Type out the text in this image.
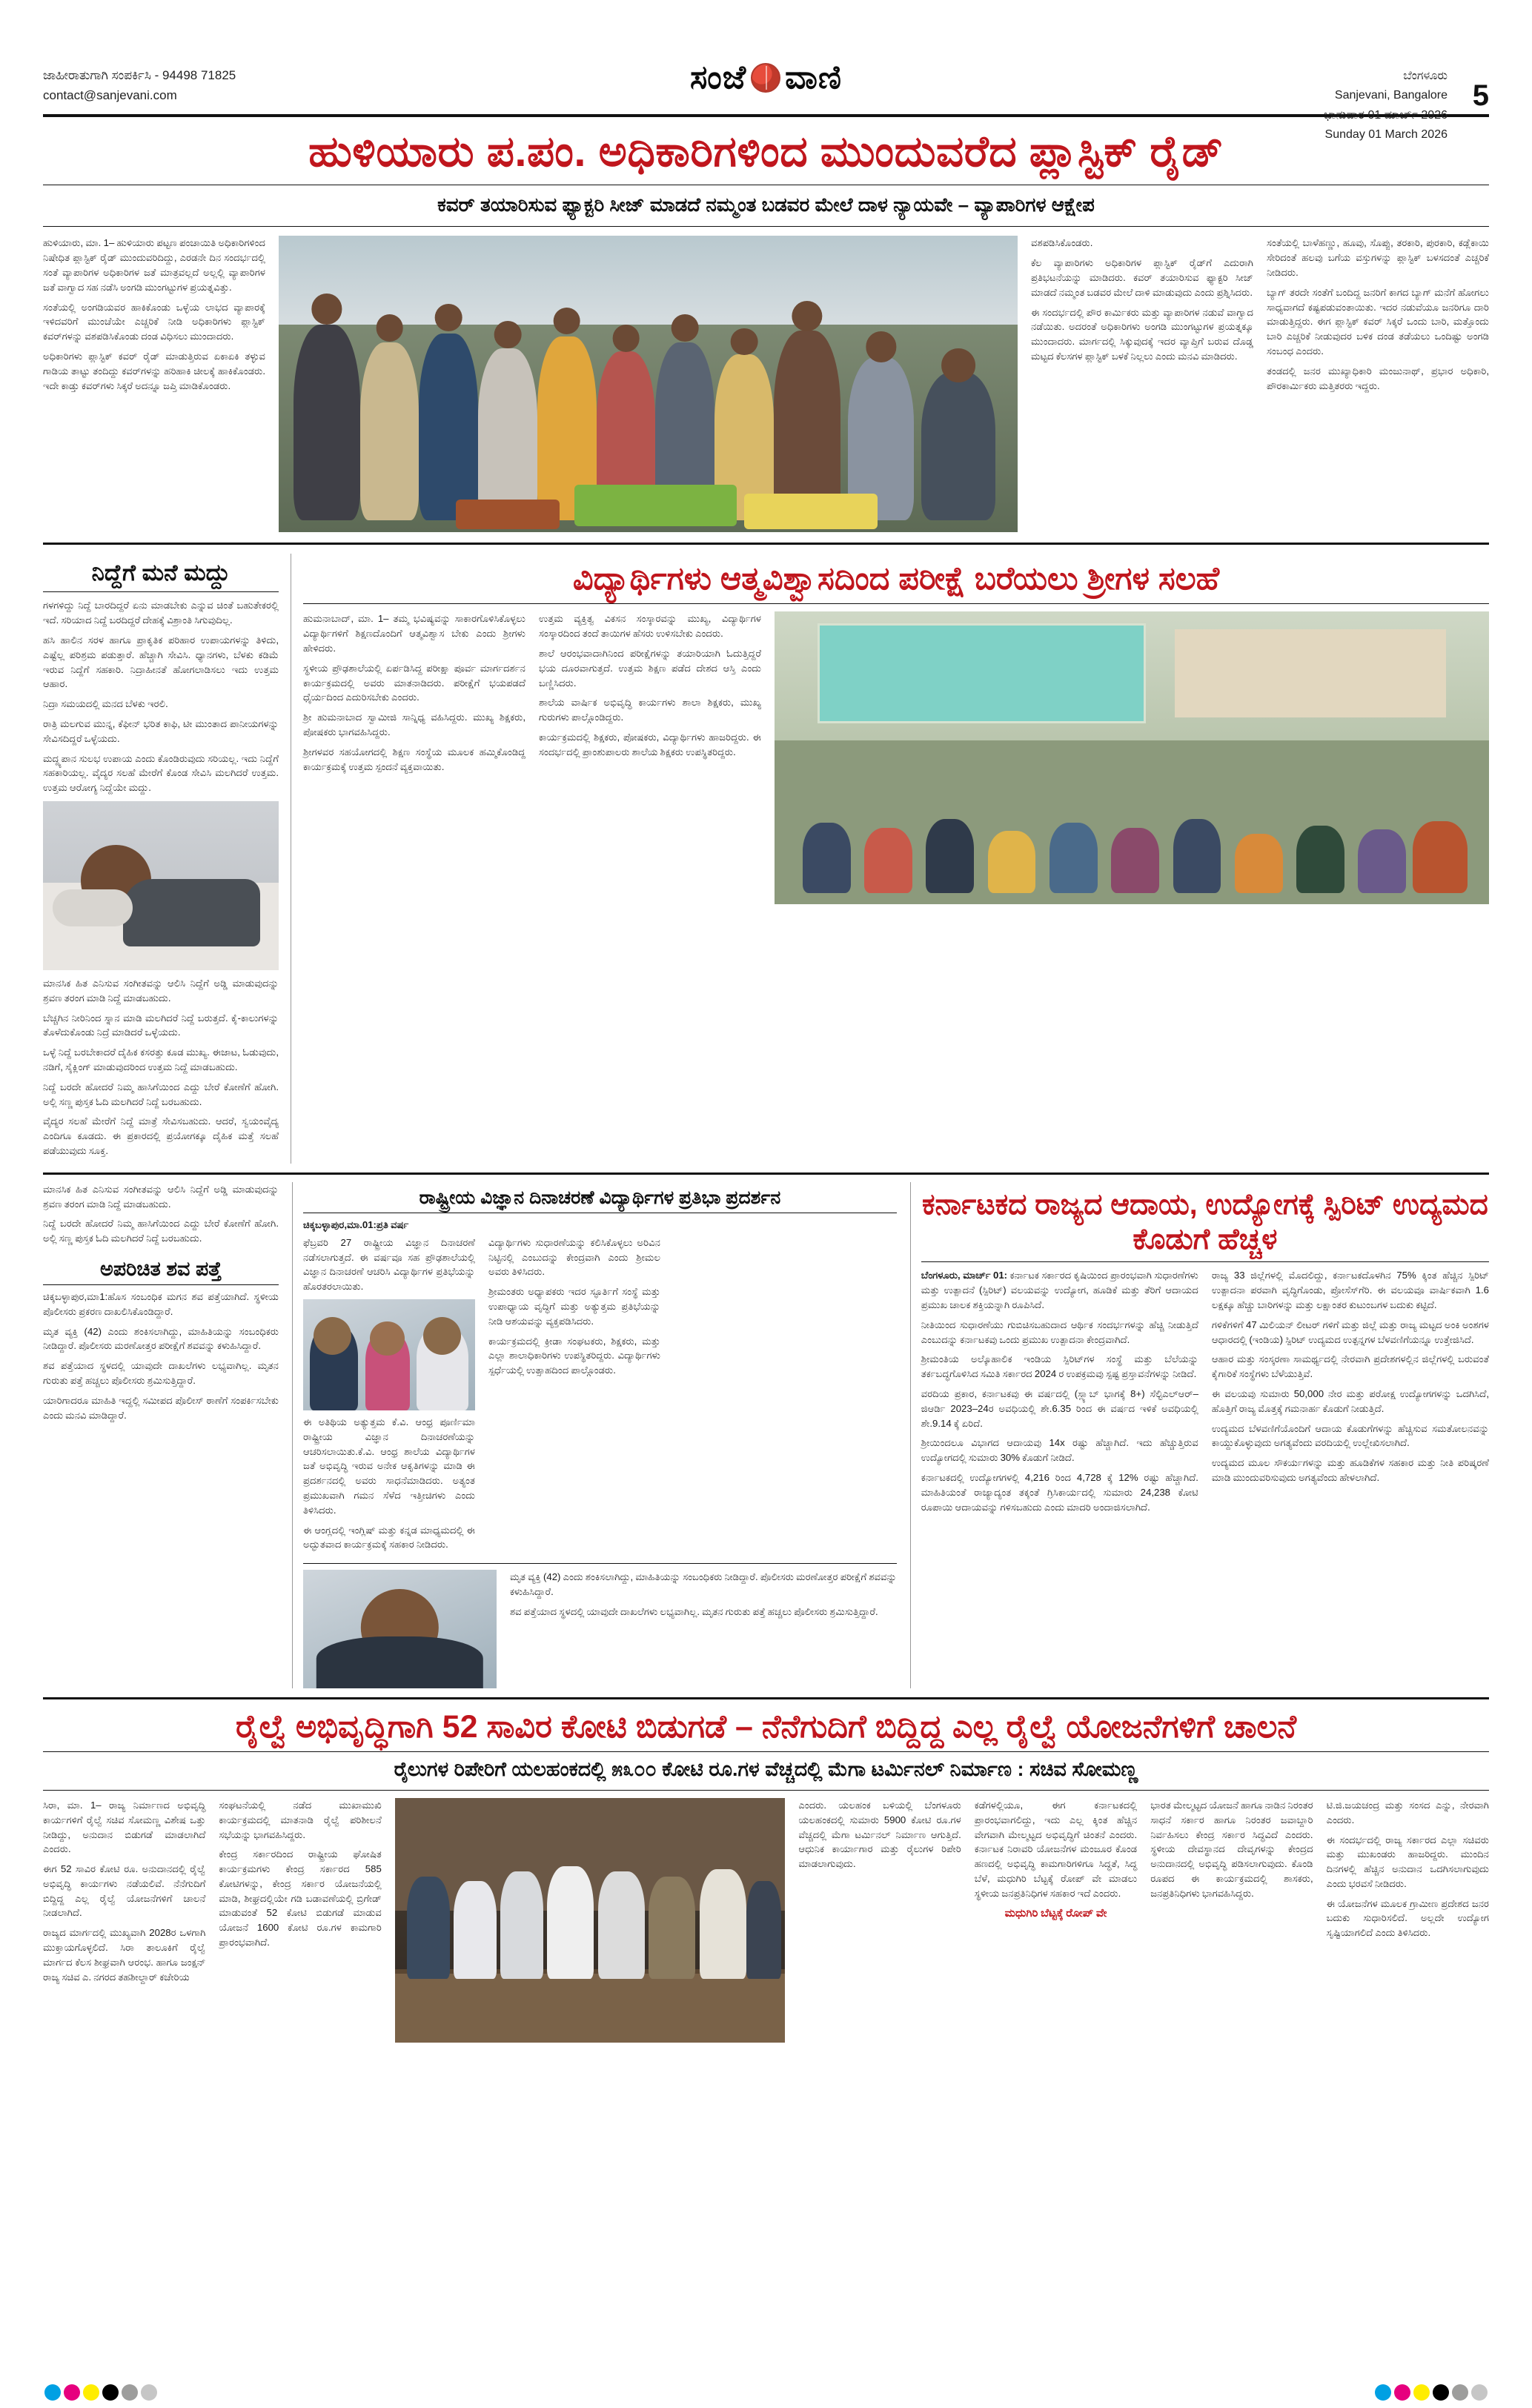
ಜಾಹೀರಾತುಗಾಗಿ ಸಂಪರ್ಕಿಸಿ - 94498 71825
contact@sanjevani.com	ಸಂಜೆ ವಾಣಿ	ಬೆಂಗಳೂರು
Sanjevani, Bangalore
ಭಾನುವಾರ 01 ಮಾರ್ಚ್ 2026
Sunday 01 March 2026
5
ಹುಳಿಯಾರು ಪ.ಪಂ. ಅಧಿಕಾರಿಗಳಿಂದ ಮುಂದುವರೆದ ಪ್ಲಾಸ್ಟಿಕ್ ರೈಡ್
ಕವರ್ ತಯಾರಿಸುವ ಫ್ಯಾಕ್ಟರಿ ಸೀಜ್ ಮಾಡದೆ ನಮ್ಮಂತ ಬಡವರ ಮೇಲೆ ದಾಳ ನ್ಯಾಯವೇ – ವ್ಯಾಪಾರಿಗಳ ಆಕ್ಷೇಪ

ಹುಳಿಯಾರು, ಮಾ. 1– ಹುಳಿಯಾರು ಪಟ್ಟಣ ಪಂಚಾಯಿತಿ ಅಧಿಕಾರಿಗಳಿಂದ ನಿಷೇಧಿತ ಪ್ಲಾಸ್ಟಿಕ್ ರೈಡ್ ಮುಂದುವರಿದಿದ್ದು, ಎರಡನೇ ದಿನ ಸಂದರ್ಭದಲ್ಲಿ ಸಂತೆ ವ್ಯಾಪಾರಿಗಳ ಅಧಿಕಾರಿಗಳ ಜತೆ ಮಾತ್ರವಲ್ಲದೆ ಅಲ್ಲಲ್ಲಿ ವ್ಯಾಪಾರಿಗಳ ಜತೆ ವಾಗ್ವಾದ ಸಹ ನಡೆಸಿ ಅಂಗಡಿ ಮುಂಗಟ್ಟುಗಳ ಪ್ರಯತ್ನವಿತ್ತು.

ಸಂತೆಯಲ್ಲಿ ಅಂಗಡಿಯವರ ಹಾಕಿಕೊಂಡು ಒಳ್ಳೆಯ ಲಾಭದ ವ್ಯಾಪಾರಕ್ಕೆ ಇಳಿದವರಿಗೆ ಮುಂಚೆಯೇ ಎಚ್ಚರಿಕೆ ನೀಡಿ ಅಧಿಕಾರಿಗಳು ಪ್ಲಾಸ್ಟಿಕ್ ಕವರ್‌ಗಳನ್ನು ವಶಪಡಿಸಿಕೊಂಡು ದಂಡ ವಿಧಿಸಲು ಮುಂದಾದರು.

ಅಧಿಕಾರಿಗಳು ಪ್ಲಾಸ್ಟಿಕ್ ಕವರ್ ರೈಡ್ ಮಾಡುತ್ತಿರುವ ಏಕಾಏಕಿ ತಳ್ಳುವ ಗಾಡಿಯ ತಾಟ್ಟು ತಂದಿದ್ದು ಕವರ್‌ಗಳನ್ನು ಹರಿಹಾಕಿ ಚೀಲಕ್ಕೆ ಹಾಕಿಕೊಂಡರು. ಇದೇ ಕಾಡ್ತು ಕವರ್‌ಗಳು ಸಿಕ್ಕರೆ ಅದನ್ನೂ ಜಪ್ತಿ ಮಾಡಿಕೊಂಡರು.

ವಶಪಡಿಸಿಕೊಂಡರು.

ಕೆಲ ವ್ಯಾಪಾರಿಗಳು ಅಧಿಕಾರಿಗಳ ಪ್ಲಾಸ್ಟಿಕ್ ರೈಡ್‌ಗೆ ಎದುರಾಗಿ ಪ್ರತಿಭಟನೆಯನ್ನು ಮಾಡಿದರು. ಕವರ್ ತಯಾರಿಸುವ ಫ್ಯಾಕ್ಟರಿ ಸೀಜ್ ಮಾಡದೆ ನಮ್ಮಂತ ಬಡವರ ಮೇಲೆ ದಾಳಿ ಮಾಡುವುದು ಎಂದು ಪ್ರಶ್ನಿಸಿದರು.

ಈ ಸಂದರ್ಭದಲ್ಲಿ ಪೌರ ಕಾರ್ಮಿಕರು ಮತ್ತು ವ್ಯಾಪಾರಿಗಳ ನಡುವೆ ವಾಗ್ವಾದ ನಡೆಯಿತು. ಅದರಂತೆ ಅಧಿಕಾರಿಗಳು ಅಂಗಡಿ ಮುಂಗಟ್ಟುಗಳ ಪ್ರಯತ್ನಕ್ಕೂ ಮುಂದಾದರು. ಮಾರ್ಗದಲ್ಲಿ ಸಿಕ್ಕುವುದಕ್ಕೆ ಇದರ ವ್ಯಾಪ್ತಿಗೆ ಬರುವ ದೊಡ್ಡ ಮಟ್ಟದ ಕೆಲಸಗಳ ಪ್ಲಾಸ್ಟಿಕ್ ಬಳಕೆ ನಿಲ್ಲಲು ಎಂದು ಮನವಿ ಮಾಡಿದರು.

ಸಂತೆಯಲ್ಲಿ ಬಾಳೆಹಣ್ಣು, ಹೂವು, ಸೊಪ್ಪು, ತರಕಾರಿ, ಪುರಕಾರಿ, ಕಡ್ಲೆಕಾಯಿ ಸೇರಿದಂತೆ ಹಲವು ಬಗೆಯ ವಸ್ತುಗಳನ್ನು ಪ್ಲಾಸ್ಟಿಕ್ ಬಳಸದಂತೆ ಎಚ್ಚರಿಕೆ ನೀಡಿದರು.

ಬ್ಯಾಗ್ ತರದೇ ಸಂತೆಗೆ ಬಂದಿದ್ದ ಜನರಿಗೆ ಕಾಗದ ಬ್ಯಾಗ್ ಮನೆಗೆ ಹೋಗಲು ಸಾಧ್ಯವಾಗದೆ ಕಷ್ಟಪಡುವಂತಾಯಿತು. ಇದರ ನಡುವೆಯೂ ಜನರಿಗೂ ದಾರಿ ಮಾಡುತ್ತಿದ್ದರು. ಈಗ ಪ್ಲಾಸ್ಟಿಕ್ ಕವರ್ ಸಿಕ್ಕರೆ ಒಂದು ಬಾರಿ, ಮತ್ತೊಂದು ಬಾರಿ ಎಚ್ಚರಿಕೆ ನೀಡುವುದರ ಬಳಿಕ ದಂಡ ತಡೆಯಲು ಒಂದಿಷ್ಟು ಅಂಗಡಿ ಸಂಬಂಧ ಎಂದರು.

ತಂಡದಲ್ಲಿ ಜನರ ಮುಖ್ಯಾಧಿಕಾರಿ ಮಂಜುನಾಥ್, ಪ್ರಭಾರ ಅಧಿಕಾರಿ, ಪೌರಕಾರ್ಮಿಕರು ಮತ್ತಿತರರು ಇದ್ದರು.

ನಿದ್ದೆಗೆ ಮನೆ ಮದ್ದು

ಗಳಗಳಿದ್ದು ನಿದ್ದೆ ಬಾರದಿದ್ದರೆ ಏನು ಮಾಡಬೇಕು ಎನ್ನುವ ಚಿಂತೆ ಬಹುತೇಕರಲ್ಲಿ ಇದೆ. ಸರಿಯಾದ ನಿದ್ದೆ ಬರದಿದ್ದರೆ ದೇಹಕ್ಕೆ ವಿಶ್ರಾಂತಿ ಸಿಗುವುದಿಲ್ಲ.

ಹಸಿ ಹಾಲಿನ ಸರಳ ಹಾಗೂ ಪ್ರಾಕೃತಿಕ ಪರಿಹಾರ ಉಪಾಯಗಳನ್ನು ತಿಳಿದು, ಎಷ್ಟೆಲ್ಲ ಪರಿಶ್ರಮ ಪಡುತ್ತಾರೆ. ಹೆಚ್ಚಾಗಿ ಸೇವಿಸಿ. ಧ್ಯಾನಗಳು, ಬೆಳಕು ಕಡಿಮೆ ಇರುವ ನಿದ್ದೆಗೆ ಸಹಕಾರಿ. ನಿದ್ರಾಹೀನತೆ ಹೋಗಲಾಡಿಸಲು ಇದು ಉತ್ತಮ ಆಹಾರ.

ನಿದ್ರಾ ಸಮಯದಲ್ಲಿ ಮನದ ಬೆಳಕು ಇರಲಿ.

ರಾತ್ರಿ ಮಲಗುವ ಮುನ್ನ, ಕೆಫೀನ್ ಭರಿತ ಕಾಫಿ, ಟೀ ಮುಂತಾದ ಪಾನೀಯಗಳನ್ನು ಸೇವಿಸದಿದ್ದರೆ ಒಳ್ಳೆಯದು.

ಮದ್ದ್ಯಪಾನ ಸುಲಭ ಉಪಾಯ ಎಂದು ಕೊಂಡಿರುವುದು ಸರಿಯಲ್ಲ. ಇದು ನಿದ್ದೆಗೆ ಸಹಕಾರಿಯಲ್ಲ. ವೈದ್ಯರ ಸಲಹೆ ಮೇರೆಗೆ ಕೊಂಡ ಸೇವಿಸಿ ಮಲಗಿದರೆ ಉತ್ತಮ. ಉತ್ತಮ ಆರೋಗ್ಯ ನಿದ್ದೆಯೇ ಮದ್ದು.

ಮಾನಸಿಕ ಹಿತ ಎನಿಸುವ ಸಂಗೀತವನ್ನು ಆಲಿಸಿ ನಿದ್ದೆಗೆ ಅಡ್ಡಿ ಮಾಡುವುದನ್ನು ಶ್ರವಣ ತರಂಗ ಮಾಡಿ ನಿದ್ದೆ ಮಾಡಬಹುದು.

ಬೆಚ್ಚಗಿನ ನೀರಿನಿಂದ ಸ್ನಾನ ಮಾಡಿ ಮಲಗಿದರೆ ನಿದ್ದೆ ಬರುತ್ತದೆ. ಕೈ-ಕಾಲುಗಳನ್ನು ತೊಳೆದುಕೊಂಡು ನಿದ್ರೆ ಮಾಡಿದರೆ ಒಳ್ಳೆಯದು.

ಒಳ್ಳೆ ನಿದ್ದೆ ಬರಬೇಕಾದರೆ ದೈಹಿಕ ಕಸರತ್ತು ಕೂಡ ಮುಖ್ಯ. ಈಜಾಟ, ಓಡುವುದು, ನಡಿಗೆ, ಸೈಕ್ಲಿಂಗ್ ಮಾಡುವುದರಿಂದ ಉತ್ತಮ ನಿದ್ದೆ ಮಾಡಬಹುದು.

ನಿದ್ದೆ ಬರದೇ ಹೋದರೆ ನಿಮ್ಮ ಹಾಸಿಗೆಯಿಂದ ಎದ್ದು ಬೇರೆ ಕೋಣೆಗೆ ಹೋಗಿ. ಅಲ್ಲಿ ಸಣ್ಣ ಪುಸ್ತಕ ಓದಿ ಮಲಗಿದರೆ ನಿದ್ದೆ ಬರಬಹುದು.

ವೈದ್ಯರ ಸಲಹೆ ಮೇರೆಗೆ ನಿದ್ದೆ ಮಾತ್ರೆ ಸೇವಿಸಬಹುದು. ಆದರೆ, ಸ್ವಯಂವೈದ್ಯ ಎಂದಿಗೂ ಕೂಡದು. ಈ ಪ್ರಕಾರದಲ್ಲಿ ಪ್ರಯೋಗಕ್ಕೂ ದೈಹಿಕ ಮತ್ತೆ ಸಲಹೆ ಪಡೆಯುವುದು ಸೂಕ್ತ.

ವಿದ್ಯಾರ್ಥಿಗಳು ಆತ್ಮವಿಶ್ವಾಸದಿಂದ ಪರೀಕ್ಷೆ ಬರೆಯಲು ಶ್ರೀಗಳ ಸಲಹೆ

ಹುಮನಾಬಾದ್, ಮಾ. 1– ತಮ್ಮ ಭವಿಷ್ಯವನ್ನು ಸಾಕಾರಗೊಳಿಸಿಕೊಳ್ಳಲು ವಿದ್ಯಾರ್ಥಿಗಳಿಗೆ ಶಿಕ್ಷಣದೊಂದಿಗೆ ಆತ್ಮವಿಶ್ವಾಸ ಬೇಕು ಎಂದು ಶ್ರೀಗಳು ಹೇಳಿದರು.

ಸ್ಥಳೀಯ ಪ್ರೌಢಶಾಲೆಯಲ್ಲಿ ಏರ್ಪಡಿಸಿದ್ದ ಪರೀಕ್ಷಾ ಪೂರ್ವ ಮಾರ್ಗದರ್ಶನ ಕಾರ್ಯಕ್ರಮದಲ್ಲಿ ಅವರು ಮಾತನಾಡಿದರು. ಪರೀಕ್ಷೆಗೆ ಭಯಪಡದೆ ಧೈರ್ಯದಿಂದ ಎದುರಿಸಬೇಕು ಎಂದರು.

ಶ್ರೀ ಹುಮನಾಬಾದ ಸ್ವಾಮೀಜಿ ಸಾನ್ನಿಧ್ಯ ವಹಿಸಿದ್ದರು. ಮುಖ್ಯ ಶಿಕ್ಷಕರು, ಪೋಷಕರು ಭಾಗವಹಿಸಿದ್ದರು.

ಶ್ರೀಗಳವರ ಸಹಯೋಗದಲ್ಲಿ ಶಿಕ್ಷಣ ಸಂಸ್ಥೆಯ ಮೂಲಕ ಹಮ್ಮಿಕೊಂಡಿದ್ದ ಕಾರ್ಯಕ್ರಮಕ್ಕೆ ಉತ್ತಮ ಸ್ಪಂದನೆ ವ್ಯಕ್ತವಾಯಿತು.

ಉತ್ತಮ ವ್ಯಕ್ತಿತ್ವ ವಿಕಸನ ಸಂಸ್ಕಾರವನ್ನು ಮುಖ್ಯ, ವಿದ್ಯಾರ್ಥಿಗಳ ಸಂಸ್ಕಾರದಿಂದ ತಂದೆ ತಾಯಿಗಳ ಹೆಸರು ಉಳಿಸಬೇಕು ಎಂದರು.

ಶಾಲೆ ಆರಂಭವಾದಾಗಿನಿಂದ ಪರೀಕ್ಷೆಗಳನ್ನು ತಯಾರಿಯಾಗಿ ಓದುತ್ತಿದ್ದರೆ ಭಯ ದೂರವಾಗುತ್ತದೆ. ಉತ್ತಮ ಶಿಕ್ಷಣ ಪಡೆದ ದೇಶದ ಆಸ್ತಿ ಎಂದು ಬಣ್ಣಿಸಿದರು.

ಶಾಲೆಯ ವಾರ್ಷಿಕ ಅಭಿವೃದ್ಧಿ ಕಾರ್ಯಗಳು ಶಾಲಾ ಶಿಕ್ಷಕರು, ಮುಖ್ಯ ಗುರುಗಳು ಪಾಲ್ಗೊಂಡಿದ್ದರು.

ಕಾರ್ಯಕ್ರಮದಲ್ಲಿ ಶಿಕ್ಷಕರು, ಪೋಷಕರು, ವಿದ್ಯಾರ್ಥಿಗಳು ಹಾಜರಿದ್ದರು. ಈ ಸಂದರ್ಭದಲ್ಲಿ ಪ್ರಾಂಶುಪಾಲರು ಶಾಲೆಯ ಶಿಕ್ಷಕರು ಉಪಸ್ಥಿತರಿದ್ದರು.

ಮಾನಸಿಕ ಹಿತ ಎನಿಸುವ ಸಂಗೀತವನ್ನು ಆಲಿಸಿ ನಿದ್ದೆಗೆ ಅಡ್ಡಿ ಮಾಡುವುದನ್ನು ಶ್ರವಣ ತರಂಗ ಮಾಡಿ ನಿದ್ದೆ ಮಾಡಬಹುದು.

ನಿದ್ದೆ ಬರದೇ ಹೋದರೆ ನಿಮ್ಮ ಹಾಸಿಗೆಯಿಂದ ಎದ್ದು ಬೇರೆ ಕೋಣೆಗೆ ಹೋಗಿ. ಅಲ್ಲಿ ಸಣ್ಣ ಪುಸ್ತಕ ಓದಿ ಮಲಗಿದರೆ ನಿದ್ದೆ ಬರಬಹುದು.

ಅಪರಿಚಿತ ಶವ ಪತ್ತೆ

ಚಿಕ್ಕಬಳ್ಳಾಪುರ,ಮಾ1:ಹೊಸ ಸಂಬಂಧಿಕ ಮಗನ ಶವ ಪತ್ತೆಯಾಗಿದೆ. ಸ್ಥಳೀಯ ಪೊಲೀಸರು ಪ್ರಕರಣ ದಾಖಲಿಸಿಕೊಂಡಿದ್ದಾರೆ.

ಮೃತ ವ್ಯಕ್ತಿ (42) ಎಂದು ಶಂಕಿಸಲಾಗಿದ್ದು, ಮಾಹಿತಿಯನ್ನು ಸಂಬಂಧಿಕರು ನೀಡಿದ್ದಾರೆ. ಪೊಲೀಸರು ಮರಣೋತ್ತರ ಪರೀಕ್ಷೆಗೆ ಶವವನ್ನು ಕಳುಹಿಸಿದ್ದಾರೆ.

ಶವ ಪತ್ತೆಯಾದ ಸ್ಥಳದಲ್ಲಿ ಯಾವುದೇ ದಾಖಲೆಗಳು ಲಭ್ಯವಾಗಿಲ್ಲ. ಮೃತನ ಗುರುತು ಪತ್ತೆ ಹಚ್ಚಲು ಪೊಲೀಸರು ಶ್ರಮಿಸುತ್ತಿದ್ದಾರೆ.

ಯಾರಿಗಾದರೂ ಮಾಹಿತಿ ಇದ್ದಲ್ಲಿ ಸಮೀಪದ ಪೊಲೀಸ್ ಠಾಣೆಗೆ ಸಂಪರ್ಕಿಸಬೇಕು ಎಂದು ಮನವಿ ಮಾಡಿದ್ದಾರೆ.

ರಾಷ್ಟ್ರೀಯ ವಿಜ್ಞಾನ ದಿನಾಚರಣೆ ವಿದ್ಯಾರ್ಥಿಗಳ ಪ್ರತಿಭಾ ಪ್ರದರ್ಶನ
ಚಿಕ್ಕಬಳ್ಳಾಪುರ,ಮಾ.01:ಪ್ರತಿ ವರ್ಷ

ಫೆಬ್ರವರಿ 27 ರಾಷ್ಟ್ರೀಯ ವಿಜ್ಞಾನ ದಿನಾಚರಣೆ ನಡೆಸಲಾಗುತ್ತದೆ. ಈ ವರ್ಷವೂ ಸಹ ಪ್ರೌಢಶಾಲೆಯಲ್ಲಿ ವಿಜ್ಞಾನ ದಿನಾಚರಣೆ ಆಚರಿಸಿ ವಿದ್ಯಾರ್ಥಿಗಳ ಪ್ರತಿಭೆಯನ್ನು ಹೊರತರಲಾಯಿತು.

ಈ ಅತಿಥಿಯ ಅತ್ಯುತ್ತಮ ಕೆ.ವಿ. ಆಂಧ್ರ ಪೂರ್ಣಿಮಾ ರಾಷ್ಟ್ರೀಯ ವಿಜ್ಞಾನ ದಿನಾಚರಣೆಯನ್ನು ಆಚರಿಸಲಾಯಿತು.ಕೆ.ವಿ. ಆಂಧ್ರ ಶಾಲೆಯ ವಿದ್ಯಾರ್ಥಿಗಳ ಜತೆ ಅಭಿವೃದ್ಧಿ ಇರುವ ಅನೇಕ ಆಕೃತಿಗಳನ್ನು ಮಾಡಿ ಈ ಪ್ರದರ್ಶನದಲ್ಲಿ ಅವರು ಸಾಧನೆಮಾಡಿದರು. ಅತ್ಯಂತ ಪ್ರಮುಖವಾಗಿ ಗಮನ ಸೆಳೆದ ಇತ್ತೀಚಿಗಳು ಎಂದು ತಿಳಿಸಿದರು.

ಈ ಆಂಗ್ಲದಲ್ಲಿ ಇಂಗ್ಲಿಷ್ ಮತ್ತು ಕನ್ನಡ ಮಾಧ್ಯಮದಲ್ಲಿ ಈ ಅದ್ಭುತವಾದ ಕಾರ್ಯಕ್ರಮಕ್ಕೆ ಸಹಕಾರ ನೀಡಿದರು.

ವಿದ್ಯಾರ್ಥಿಗಳು ಸುಧಾರಣೆಯನ್ನು ಕಲಿಸಿಕೊಳ್ಳಲು ಅರಿವಿನ ನಿಟ್ಟಿನಲ್ಲಿ ಎಂಬುದನ್ನು ಕೇಂದ್ರವಾಗಿ ಎಂದು ಶ್ರೀಮಲ ಅವರು ತಿಳಿಸಿದರು.

ಶ್ರೀಮಂತರು ಅಧ್ಯಾಪಕರು ಇದರ ಸ್ಫೂರ್ತಿಗೆ ಸಂಸ್ಥೆ ಮತ್ತು ಉಪಾಧ್ಯಾಯ ವೃದ್ಧಿಗೆ ಮತ್ತು ಅತ್ಯುತ್ತಮ ಪ್ರತಿಭೆಯನ್ನು ನೀಡಿ ಆಶಯವನ್ನು ವ್ಯಕ್ತಪಡಿಸಿದರು.

ಕಾರ್ಯಕ್ರಮದಲ್ಲಿ ಕ್ರೀಡಾ ಸಂಘಟಕರು, ಶಿಕ್ಷಕರು, ಮತ್ತು ಎಲ್ಲಾ ಶಾಲಾಧಿಕಾರಿಗಳು ಉಪಸ್ಥಿತರಿದ್ದರು. ವಿದ್ಯಾರ್ಥಿಗಳು ಸ್ಪರ್ಧೆಯಲ್ಲಿ ಉತ್ಸಾಹದಿಂದ ಪಾಲ್ಗೊಂಡರು.

ಮೃತ ವ್ಯಕ್ತಿ (42) ಎಂದು ಶಂಕಿಸಲಾಗಿದ್ದು, ಮಾಹಿತಿಯನ್ನು ಸಂಬಂಧಿಕರು ನೀಡಿದ್ದಾರೆ. ಪೊಲೀಸರು ಮರಣೋತ್ತರ ಪರೀಕ್ಷೆಗೆ ಶವವನ್ನು ಕಳುಹಿಸಿದ್ದಾರೆ.

ಶವ ಪತ್ತೆಯಾದ ಸ್ಥಳದಲ್ಲಿ ಯಾವುದೇ ದಾಖಲೆಗಳು ಲಭ್ಯವಾಗಿಲ್ಲ. ಮೃತನ ಗುರುತು ಪತ್ತೆ ಹಚ್ಚಲು ಪೊಲೀಸರು ಶ್ರಮಿಸುತ್ತಿದ್ದಾರೆ.

ಕರ್ನಾಟಕದ ರಾಜ್ಯದ ಆದಾಯ, ಉದ್ಯೋಗಕ್ಕೆ ಸ್ಪಿರಿಟ್ ಉದ್ಯಮದ ಕೊಡುಗೆ ಹೆಚ್ಚಳ

ಬೆಂಗಳೂರು, ಮಾರ್ಚ್ 01: ಕರ್ನಾಟಕ ಸರ್ಕಾರದ ಕೃಷಿಯಿಂದ ಪ್ರಾರಂಭವಾಗಿ ಸುಧಾರಣೆಗಳು ಮತ್ತು ಉತ್ಪಾದನೆ (ಸ್ಪಿರಿಟ್) ವಲಯವನ್ನು ಉದ್ಯೋಗ, ಹೂಡಿಕೆ ಮತ್ತು ತೆರಿಗೆ ಆದಾಯದ ಪ್ರಮುಖ ಚಾಲಕ ಶಕ್ತಿಯನ್ನಾಗಿ ರೂಪಿಸಿದೆ.

ನೀತಿಯಿಂದ ಸುಧಾರಣೆಯು ಗುಬಿಚಿಸಬಹುದಾದ ಆರ್ಥಿಕ ಸಂದರ್ಭಗಳನ್ನು ಹೆಚ್ಚಿ ನೀಡುತ್ತಿದೆ ಎಂಬುದನ್ನು ಕರ್ನಾಟಕವು ಒಂದು ಪ್ರಮುಖ ಉತ್ಪಾದನಾ ಕೇಂದ್ರವಾಗಿದೆ.

ಶ್ರೀಮಂತಿಯ ಅಲ್ಕೊಹಾಲಿಕ ಇಂಡಿಯ ಸ್ಪಿರಿಟ್‌ಗಳ ಸಂಸ್ಥೆ ಮತ್ತು ಬೆಲೆಯನ್ನು ತರ್ಕಬದ್ಧಗೊಳಿಸಿದ ಸಮಿತಿ ಸರ್ಕಾರದ 2024 ರ ಉಪಕ್ರಮವು ಸ್ಪಷ್ಟ ಪ್ರಸ್ತಾವನೆಗಳನ್ನು ನೀಡಿದೆ.

ವರದಿಯ ಪ್ರಕಾರ, ಕರ್ನಾಟಕವು ಈ ವರ್ಷದಲ್ಲಿ (ಸ್ಲ್ಯಾಬ್ ಭಾಗಕ್ಕೆ 8+) ಸೆಲ್ಟಿಎಲ್ಆರ್–ಜಿಆರ್ಡಿ 2023–24ರ ಅವಧಿಯಲ್ಲಿ ಶೇ.6.35 ರಿಂದ ಈ ವರ್ಷದ ಇಳಿಕೆ ಅವಧಿಯಲ್ಲಿ ಶೇ.9.14 ಕ್ಕೆ ಏರಿದೆ.

ಶ್ರೀಯಿಂದಲೂ ವಿಭಾಗದ ಆದಾಯವು 14x ರಷ್ಟು ಹೆಚ್ಚಾಗಿದೆ. ಇದು ಹೆಚ್ಚುತ್ತಿರುವ ಉದ್ಯೋಗದಲ್ಲಿ ಸುಮಾರು 30% ಕೊಡುಗೆ ನೀಡಿದೆ.

ಕರ್ನಾಟಕದಲ್ಲಿ ಉದ್ಯೋಗಗಳಲ್ಲಿ 4,216 ರಿಂದ 4,728 ಕ್ಕೆ 12% ರಷ್ಟು ಹೆಚ್ಚಾಗಿದೆ. ಮಾಹಿತಿಯಂತೆ ರಾಜ್ಯಾದ್ಯಂತ ತಕ್ಕಂತೆ ಗ್ರಿಸಿಕಾರ್ಯದಲ್ಲಿ ಸುಮಾರು 24,238 ಕೋಟಿ ರೂಪಾಯಿ ಆದಾಯವನ್ನು ಗಳಿಸಬಹುದು ಎಂದು ಮಾದರಿ ಅಂದಾಜಿಸಲಾಗಿದೆ.

ರಾಜ್ಯ 33 ಜಿಲ್ಲೆಗಳಲ್ಲಿ ಮೊದಲಿದ್ದು, ಕರ್ನಾಟಕದೊಳಗಿನ 75% ಕ್ಕಿಂತ ಹೆಚ್ಚಿನ ಸ್ಪಿರಿಟ್ ಉತ್ಪಾದನಾ ಪರವಾಗಿ ವೃದ್ಧಿಗೊಂಡು, ಪ್ರೋಸೆಸ್‌ಗೆರಿ. ಈ ವಲಯವೂ ವಾರ್ಷಿಕವಾಗಿ 1.6 ಲಕ್ಷಕ್ಕೂ ಹೆಚ್ಚು ಬಾರಿಗಳನ್ನು ಮತ್ತು ಲಕ್ಷಾಂತರ ಕುಟುಂಬಗಳ ಬದುಕು ಕಟ್ಟಿದೆ.

ಗಳಿಕೆಗಳಿಗೆ 47 ಮಿಲಿಯನ್ ಲೀಟರ್ ಗಳಿಗೆ ಮತ್ತು ಜಿಲ್ಲೆ ಮತ್ತು ರಾಜ್ಯ ಮಟ್ಟದ ಅಂಕಿ ಅಂಶಗಳ ಆಧಾರದಲ್ಲಿ (ಇಂಡಿಯ) ಸ್ಪಿರಿಟ್ ಉದ್ಯಮದ ಉತ್ಪನ್ನಗಳ ಬೆಳವಣಿಗೆಯನ್ನೂ ಉತ್ತೇಜಿಸಿದೆ.

ಆಹಾರ ಮತ್ತು ಸಂಸ್ಕರಣಾ ಸಾಮರ್ಥ್ಯದಲ್ಲಿ ನೇರವಾಗಿ ಪ್ರದೇಶಗಳಲ್ಲಿನ ಜಿಲ್ಲೆಗಳಲ್ಲಿ ಬರುವಂತೆ ಕೈಗಾರಿಕೆ ಸಂಸ್ಥೆಗಳು ಬೆಳೆಯುತ್ತಿವೆ.

ಈ ವಲಯವು ಸುಮಾರು 50,000 ನೇರ ಮತ್ತು ಪರೋಕ್ಷ ಉದ್ಯೋಗಗಳನ್ನು ಒದಗಿಸಿದೆ, ಹೊತ್ತಿಗೆ ರಾಜ್ಯ ಮೊತ್ತಕ್ಕೆ ಗಮನಾರ್ಹ ಕೊಡುಗೆ ನೀಡುತ್ತಿದೆ.

ಉದ್ಯಮದ ಬೆಳವಣಿಗೆಯೊಂದಿಗೆ ಆದಾಯ ಕೊಡುಗೆಗಳನ್ನು ಹೆಚ್ಚಿಸುವ ಸಮತೋಲನವನ್ನು ಕಾಯ್ದುಕೊಳ್ಳುವುದು ಅಗತ್ಯವೆಂದು ವರದಿಯಲ್ಲಿ ಉಲ್ಲೇಖಿಸಲಾಗಿದೆ.

ಉದ್ಯಮದ ಮೂಲ ಸೌಕರ್ಯಗಳನ್ನು ಮತ್ತು ಹೂಡಿಕೆಗಳ ಸಹಕಾರ ಮತ್ತು ನೀತಿ ಪರಿಷ್ಕರಣೆ ಮಾಡಿ ಮುಂದುವರಿಸುವುದು ಅಗತ್ಯವೆಂದು ಹೇಳಲಾಗಿದೆ.

ರೈಲ್ವೆ ಅಭಿವೃದ್ಧಿಗಾಗಿ 52 ಸಾವಿರ ಕೋಟಿ ಬಿಡುಗಡೆ – ನೆನೆಗುದಿಗೆ ಬಿದ್ದಿದ್ದ ಎಲ್ಲ ರೈಲ್ವೆ ಯೋಜನೆಗಳಿಗೆ ಚಾಲನೆ
ರೈಲುಗಳ ರಿಪೇರಿಗೆ ಯಲಹಂಕದಲ್ಲಿ ೫೩೦೦ ಕೋಟಿ ರೂ.ಗಳ ವೆಚ್ಚದಲ್ಲಿ ಮೆಗಾ ಟರ್ಮಿನಲ್ ನಿರ್ಮಾಣ : ಸಚಿವ ಸೋಮಣ್ಣ

ಸಿರಾ, ಮಾ. 1– ರಾಜ್ಯ ನಿರ್ಮಾಣದ ಅಭಿವೃದ್ಧಿ ಕಾರ್ಯಗಳಿಗೆ ರೈಲ್ವೆ ಸಚಿವ ಸೋಮಣ್ಣ ವಿಶೇಷ ಒತ್ತು ನೀಡಿದ್ದು, ಅನುದಾನ ಬಿಡುಗಡೆ ಮಾಡಲಾಗಿದೆ ಎಂದರು.

ಈಗ 52 ಸಾವಿರ ಕೋಟಿ ರೂ. ಅನುದಾನದಲ್ಲಿ ರೈಲ್ವೆ ಅಭಿವೃದ್ಧಿ ಕಾರ್ಯಗಳು ನಡೆಯಲಿವೆ. ನೆನೆಗುದಿಗೆ ಬಿದ್ದಿದ್ದ ಎಲ್ಲ ರೈಲ್ವೆ ಯೋಜನೆಗಳಿಗೆ ಚಾಲನೆ ನೀಡಲಾಗಿದೆ.

ರಾಜ್ಯದ ಮಾರ್ಗದಲ್ಲಿ ಮುಖ್ಯವಾಗಿ 2028ರ ಒಳಗಾಗಿ ಮುಕ್ತಾಯಗೊಳ್ಳಲಿದೆ. ಸಿರಾ ತಾಲೂಕಿಗೆ ರೈಲ್ವೆ ಮಾರ್ಗದ ಕೆಲಸ ಶೀಘ್ರವಾಗಿ ಆರಂಭ. ಹಾಗೂ ಜಂಕ್ಷನ್ ರಾಜ್ಯ ಸಚಿವ ಎ. ನಗರದ ತಹಶೀಲ್ದಾರ್ ಕಚೇರಿಯ

ಸಂಘಟನೆಯಲ್ಲಿ ನಡೆದ ಮುಖಾಮುಖಿ ಕಾರ್ಯಕ್ರಮದಲ್ಲಿ ಮಾತನಾಡಿ ರೈಲ್ವೆ ಪರಿಶೀಲನೆ ಸಭೆಯನ್ನು ಭಾಗವಹಿಸಿದ್ದರು.

ಕೇಂದ್ರ ಸರ್ಕಾರದಿಂದ ರಾಷ್ಟ್ರೀಯ ಘೋಷಿತ ಕಾರ್ಯಕ್ರಮಗಳು ಕೇಂದ್ರ ಸರ್ಕಾರದ 585 ಕೋಟಿಗಳನ್ನು, ಕೇಂದ್ರ ಸರ್ಕಾರ ಯೋಜನೆಯಲ್ಲಿ ಮಾಡಿ, ಶೀಘ್ರದಲ್ಲಿಯೇ ಗಡಿ ಬಡಾವಣೆಯಲ್ಲಿ ಬ್ರಿಗೇಡ್ ಮಾಡುವಂತೆ 52 ಕೋಟಿ ಬಿಡುಗಡೆ ಮಾಡುವ ಯೋಜನೆ 1600 ಕೋಟಿ ರೂ.ಗಳ ಕಾಮಗಾರಿ ಪ್ರಾರಂಭವಾಗಿದೆ.

ಎಂದರು. ಯಲಹಂಕ ಬಳಿಯಲ್ಲಿ ಬೆಂಗಳೂರು ಯಲಹಂಕದಲ್ಲಿ ಸುಮಾರು 5900 ಕೋಟಿ ರೂ.ಗಳ ವೆಚ್ಚದಲ್ಲಿ ಮೆಗಾ ಟರ್ಮಿನಲ್ ನಿರ್ಮಾಣ ಆಗುತ್ತಿದೆ. ಆಧುನಿಕ ಕಾರ್ಯಾಗಾರ ಮತ್ತು ರೈಲುಗಳ ರಿಪೇರಿ ಮಾಡಲಾಗುವುದು.

ಕಡೆಗಳಲ್ಲಿಯೂ, ಈಗ ಕರ್ನಾಟಕದಲ್ಲಿ ಪ್ರಾರಂಭವಾಗಲಿದ್ದು, ಇದು ಎಲ್ಲ ಕ್ಕಿಂತ ಹೆಚ್ಚಿನ ವೇಗವಾಗಿ ಮೇಲ್ಮಟ್ಟದ ಅಭಿವೃದ್ಧಿಗೆ ಚಿಂತನೆ ಎಂದರು. ಕರ್ನಾಟಕ ನಿರಾವರಿ ಯೋಜನೆಗಳ ಮಂಜೂರ ಕೊಂಡ ಹಣದಲ್ಲಿ ಅಭಿವೃದ್ಧಿ ಕಾಮಗಾರಿಗಳಿಗೂ ಸಿದ್ಧತೆ, ಸಿದ್ಧ ಬೆಳೆ, ಮಧುಗಿರಿ ಬೆಟ್ಟಕ್ಕೆ ರೋಪ್ ವೇ ಮಾಡಲು ಸ್ಥಳೀಯ ಜನಪ್ರತಿನಿಧಿಗಳ ಸಹಕಾರ ಇದೆ ಎಂದರು.

ಮಧುಗಿರಿ ಬೆಟ್ಟಕ್ಕೆ ರೋಪ್ ವೇ

ಭಾರತ ಮೇಲ್ಮಟ್ಟದ ಯೋಜನೆ ಹಾಗೂ ನಾಡಿನ ನಿರಂತರ ಸಾಧನೆ ಸರ್ಕಾರ ಹಾಗೂ ನಿರಂತರ ಜವಾಬ್ದಾರಿ ನಿರ್ವಹಿಸಲು ಕೇಂದ್ರ ಸರ್ಕಾರ ಸಿದ್ಧವಿದೆ ಎಂದರು. ಸ್ಥಳೀಯ ದೇವಸ್ಥಾನದ ದೇವೃಗಳನ್ನು ಕೇಂದ್ರದ ಅನುದಾನದಲ್ಲಿ ಅಭಿವೃದ್ಧಿ ಪಡಿಸಲಾಗುವುದು. ಕೊಂಡಿ ರೂಪದ ಈ ಕಾರ್ಯಕ್ರಮದಲ್ಲಿ ಶಾಸಕರು, ಜನಪ್ರತಿನಿಧಿಗಳು ಭಾಗವಹಿಸಿದ್ದರು.

ಟಿ.ಜಿ.ಜಯಚಂದ್ರ ಮತ್ತು ಸಂಸದ ಎನ್ನು, ನೇರವಾಗಿ ಎಂದರು.

ಈ ಸಂದರ್ಭದಲ್ಲಿ ರಾಜ್ಯ ಸರ್ಕಾರದ ಎಲ್ಲಾ ಸಚಿವರು ಮತ್ತು ಮುಖಂಡರು ಹಾಜರಿದ್ದರು. ಮುಂದಿನ ದಿನಗಳಲ್ಲಿ ಹೆಚ್ಚಿನ ಅನುದಾನ ಒದಗಿಸಲಾಗುವುದು ಎಂದು ಭರವಸೆ ನೀಡಿದರು.

ಈ ಯೋಜನೆಗಳ ಮೂಲಕ ಗ್ರಾಮೀಣ ಪ್ರದೇಶದ ಜನರ ಬದುಕು ಸುಧಾರಿಸಲಿದೆ. ಅಲ್ಲದೇ ಉದ್ಯೋಗ ಸೃಷ್ಟಿಯಾಗಲಿದೆ ಎಂದು ತಿಳಿಸಿದರು.
